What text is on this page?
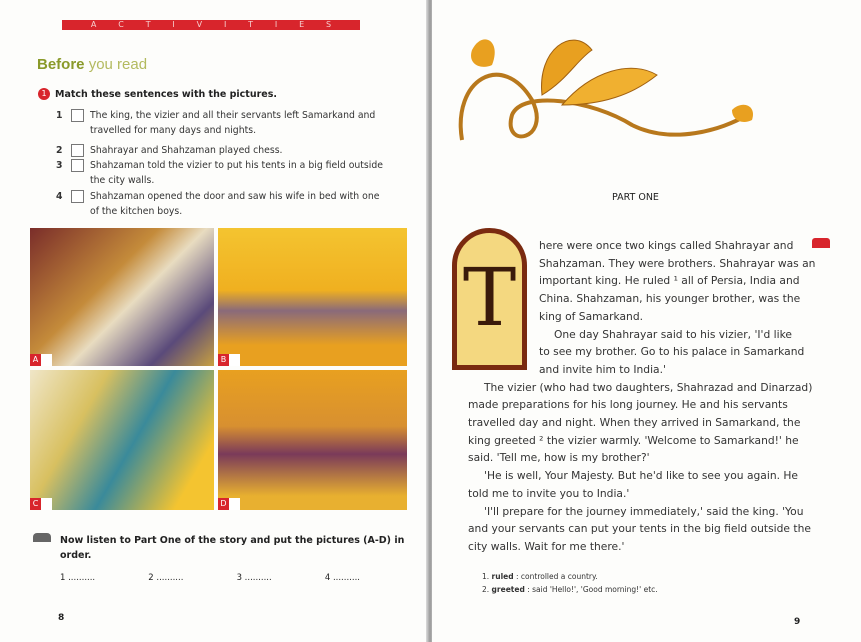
A	C	T	I	V	I	T	I	E	S
Before you read
1 Match these sentences with the pictures.
1	The king, the vizier and all their servants left Samarkand and
travelled for many days and nights.
2	Shahrayar and Shahzaman played chess.
3	Shahzaman told the vizier to put his tents in a big field outside
the city walls.
4	Shahzaman opened the door and saw his wife in bed with one
of the kitchen boys.
A	B
C	D
Now listen to Part One of the story and put the pictures (A-D) in
order.
1 ..........	2 ..........	3 ..........	4 ..........
8
PART ONE
T
here were once two kings called Shahrayar and
Shahzaman. They were brothers. Shahrayar was an
important king. He ruled ¹ all of Persia, India and
China. Shahzaman, his younger brother, was the
king of Samarkand.
One day Shahrayar said to his vizier, 'I'd like
to see my brother. Go to his palace in Samarkand
and invite him to India.'
The vizier (who had two daughters, Shahrazad and Dinarzad)
made preparations for his long journey. He and his servants
travelled day and night. When they arrived in Samarkand, the
king greeted ² the vizier warmly. 'Welcome to Samarkand!' he
said. 'Tell me, how is my brother?'
'He is well, Your Majesty. But he'd like to see you again. He
told me to invite you to India.'
'I'll prepare for the journey immediately,' said the king. 'You
and your servants can put your tents in the big field outside the
city walls. Wait for me there.'
1. ruled : controlled a country.
2. greeted : said 'Hello!', 'Good morning!' etc.
9
